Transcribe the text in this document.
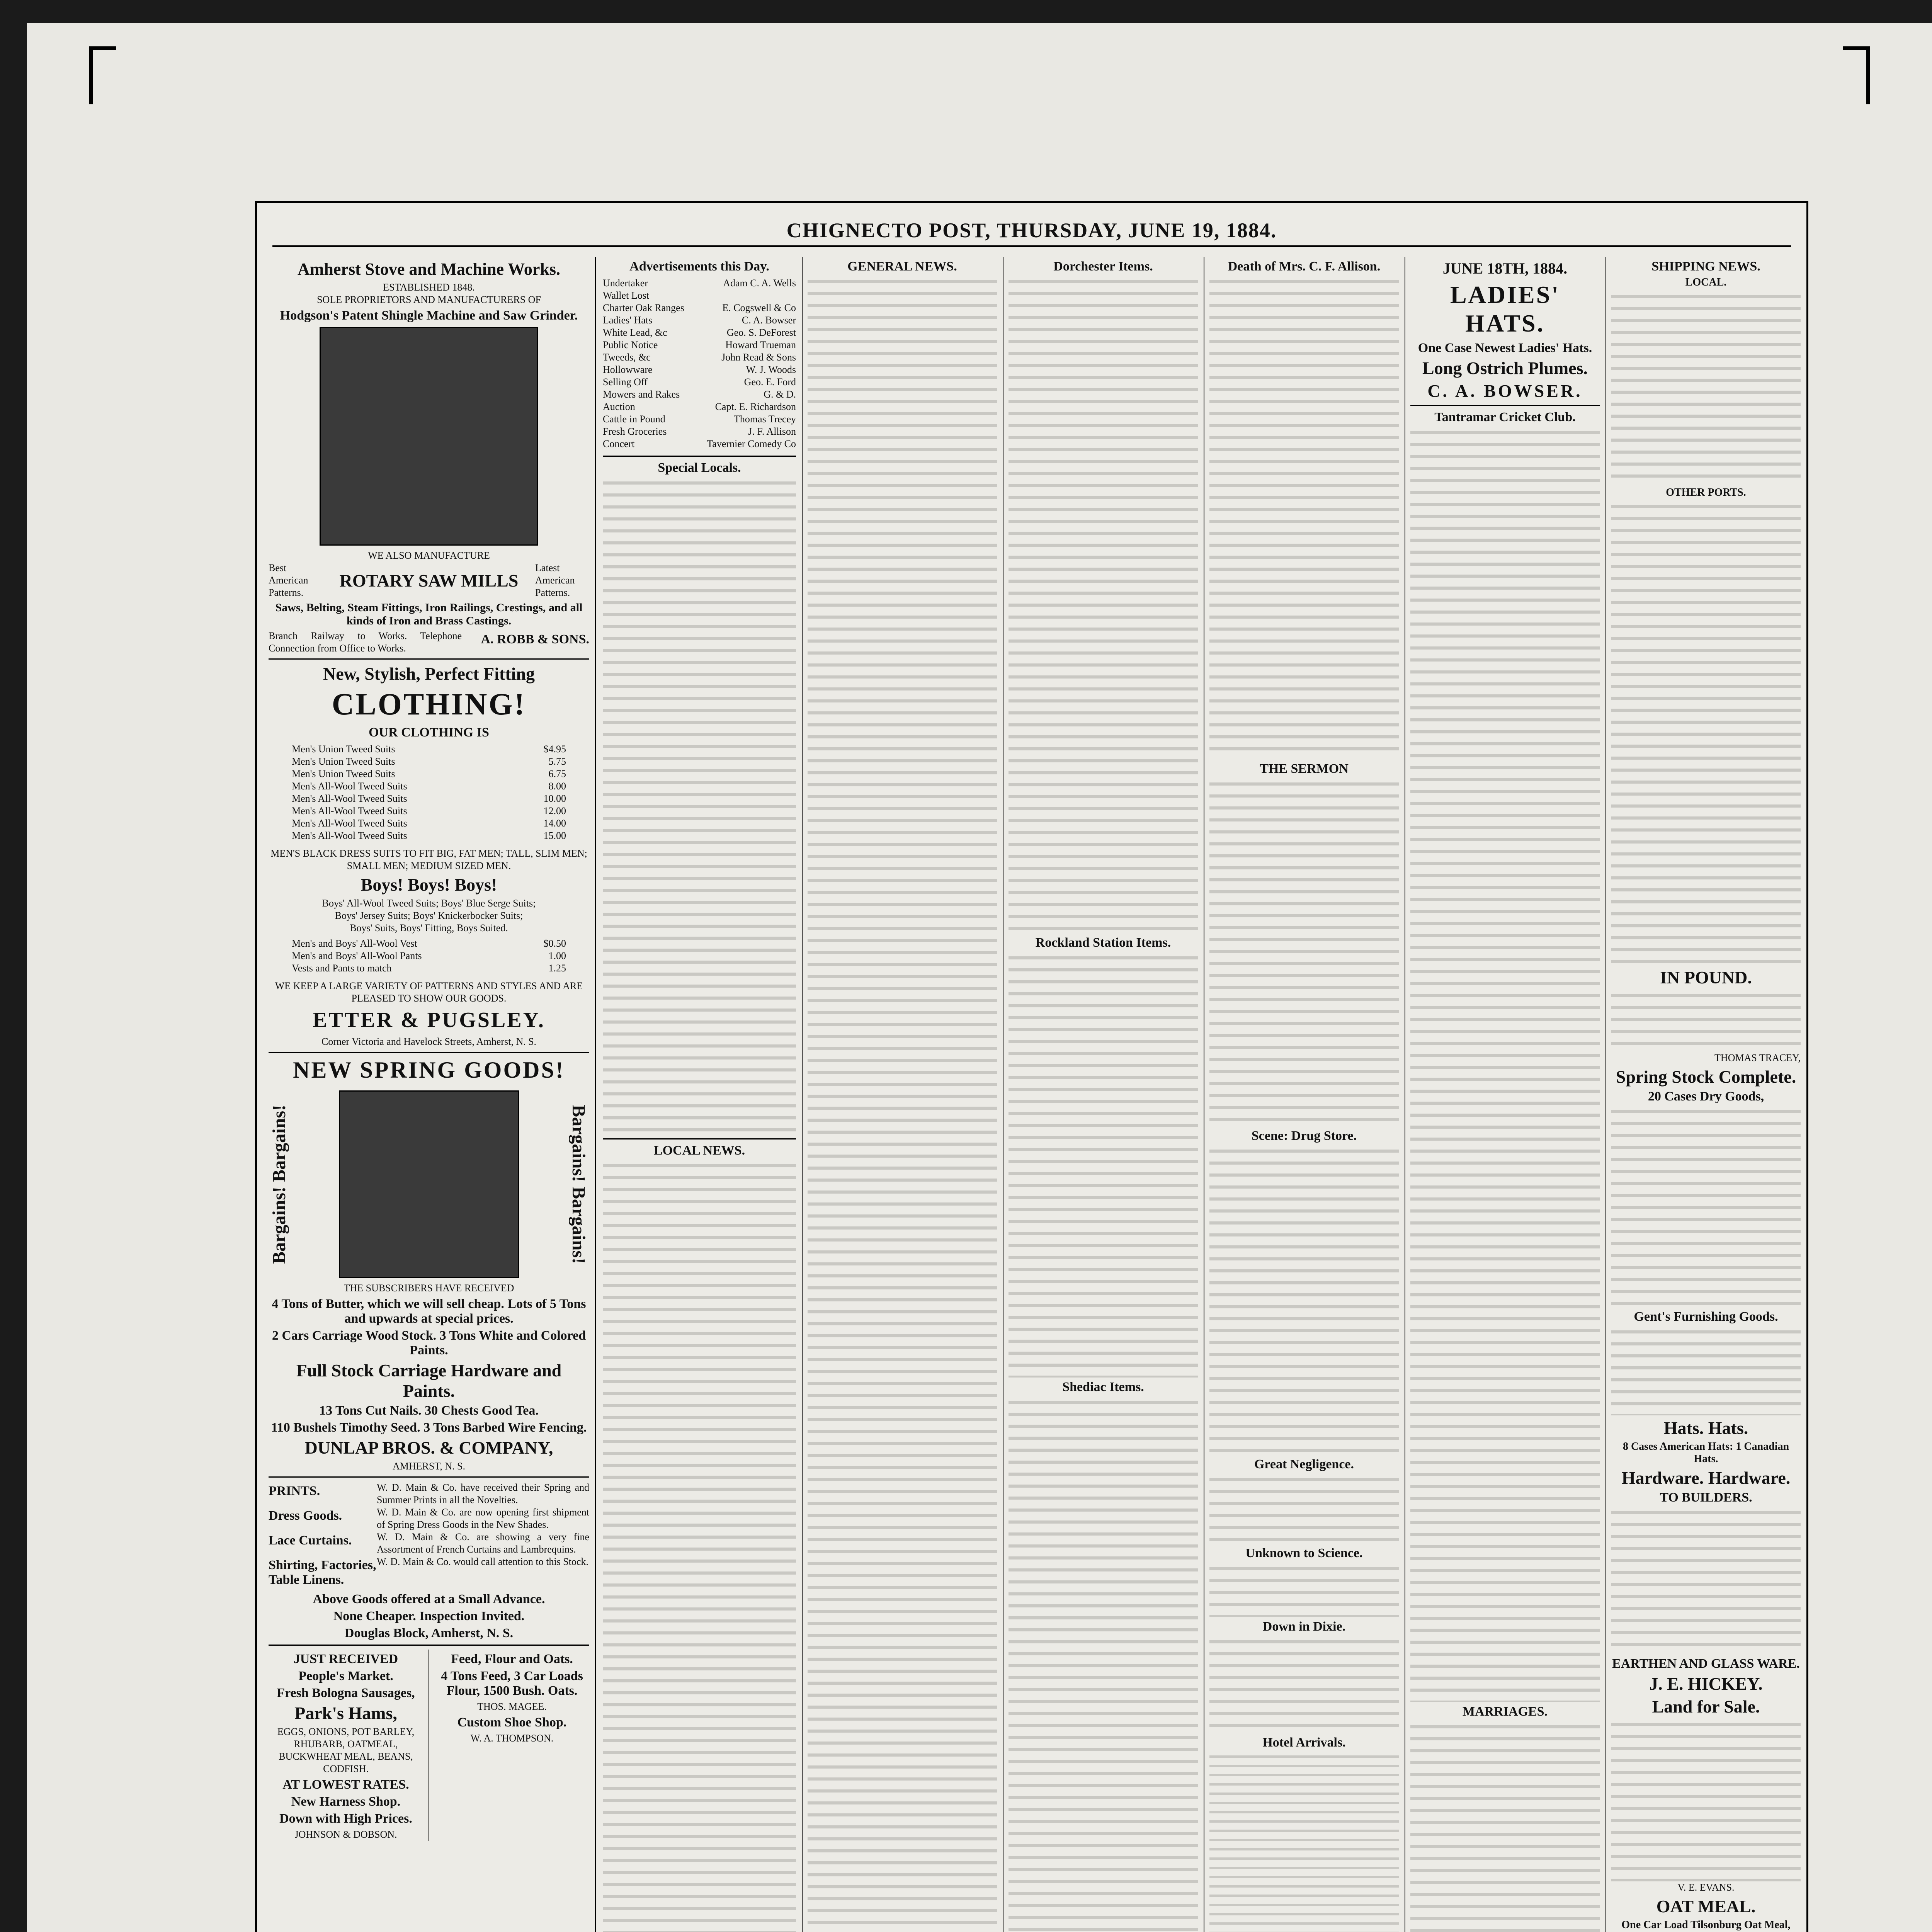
CHIGNECTO POST, THURSDAY, JUNE 19, 1884.
Amherst Stove and Machine Works.
ESTABLISHED 1848.
SOLE PROPRIETORS AND MANUFACTURERS OF
Hodgson's Patent Shingle Machine and Saw Grinder.
WE ALSO MANUFACTURE
Best American Patterns.
ROTARY SAW MILLS
Latest American Patterns.
Saws, Belting, Steam Fittings, Iron Railings, Crestings, and all kinds of Iron and Brass Castings.
Branch Railway to Works. Telephone Connection from Office to Works.
A. ROBB & SONS.
New, Stylish, Perfect Fitting
CLOTHING!
OUR CLOTHING IS
Men's Union Tweed Suits	$4.95
Men's Union Tweed Suits	5.75
Men's Union Tweed Suits	6.75
Men's All-Wool Tweed Suits	8.00
Men's All-Wool Tweed Suits	10.00
Men's All-Wool Tweed Suits	12.00
Men's All-Wool Tweed Suits	14.00
Men's All-Wool Tweed Suits	15.00
MEN'S BLACK DRESS SUITS TO FIT BIG, FAT MEN; TALL, SLIM MEN; SMALL MEN; MEDIUM SIZED MEN.
Boys! Boys! Boys!
Boys' All-Wool Tweed Suits; Boys' Blue Serge Suits;
Boys' Jersey Suits; Boys' Knickerbocker Suits;
Boys' Suits, Boys' Fitting, Boys Suited.
Men's and Boys' All-Wool Vest	$0.50
Men's and Boys' All-Wool Pants	1.00
Vests and Pants to match	1.25
WE KEEP A LARGE VARIETY OF PATTERNS AND STYLES AND ARE PLEASED TO SHOW OUR GOODS.
ETTER & PUGSLEY.
Corner Victoria and Havelock Streets, Amherst, N. S.
NEW SPRING GOODS!
Bargains! Bargains!	Bargains! Bargains!
THE SUBSCRIBERS HAVE RECEIVED
4 Tons of Butter, which we will sell cheap. Lots of 5 Tons and upwards at special prices.
2 Cars Carriage Wood Stock. 3 Tons White and Colored Paints.
Full Stock Carriage Hardware and Paints.
13 Tons Cut Nails. 30 Chests Good Tea.
110 Bushels Timothy Seed. 3 Tons Barbed Wire Fencing.
DUNLAP BROS. & COMPANY,
AMHERST, N. S.
PRINTS.	W. D. Main & Co. have received their Spring and Summer Prints in all the Novelties.
Dress Goods.	W. D. Main & Co. are now opening first shipment of Spring Dress Goods in the New Shades.
Lace Curtains.	W. D. Main & Co. are showing a very fine Assortment of French Curtains and Lambrequins.
Shirting, Factories, Table Linens.
W. D. Main & Co. would call attention to this Stock.
Above Goods offered at a Small Advance.
None Cheaper. Inspection Invited.
Douglas Block, Amherst, N. S.
JUST RECEIVED
People's Market.
Fresh Bologna Sausages,
Park's Hams,
EGGS, ONIONS, POT BARLEY, RHUBARB, OATMEAL, BUCKWHEAT MEAL, BEANS, CODFISH.
AT LOWEST RATES.
New Harness Shop.
Down with High Prices.
JOHNSON & DOBSON.
Feed, Flour and Oats.
4 Tons Feed, 3 Car Loads Flour, 1500 Bush. Oats.
THOS. MAGEE.
Custom Shoe Shop.
W. A. THOMPSON.
Advertisements this Day.
Undertaker	Adam C. A. Wells
Wallet Lost
Charter Oak Ranges	E. Cogswell & Co
Ladies' Hats	C. A. Bowser
White Lead, &c	Geo. S. DeForest
Public Notice	Howard Trueman
Tweeds, &c	John Read & Sons
Hollowware	W. J. Woods
Selling Off	Geo. E. Ford
Mowers and Rakes	G. & D.
Auction	Capt. E. Richardson
Cattle in Pound	Thomas Trecey
Fresh Groceries	J. F. Allison
Concert	Tavernier Comedy Co
Special Locals.
LOCAL NEWS.
GENERAL NEWS.	Dorchester Items.
Rockland Station Items.
Shediac Items.
Death of Mrs. C. F. Allison.
THE SERMON
Scene: Drug Store.
Great Negligence.
Unknown to Science.
Down in Dixie.
Hotel Arrivals.
JUNE 18TH, 1884.
LADIES' HATS.
One Case Newest Ladies' Hats.
Long Ostrich Plumes.
C. A. BOWSER.
Tantramar Cricket Club.
MARRIAGES.
SHIPPING NEWS.
LOCAL.
OTHER PORTS.
IN POUND.
THOMAS TRACEY,
Spring Stock Complete.
20 Cases Dry Goods,
Gent's Furnishing Goods.
Hats. Hats.
8 Cases American Hats: 1 Canadian Hats.
Hardware. Hardware.
TO BUILDERS.
EARTHEN AND GLASS WARE.
J. E. HICKEY.
Land for Sale.
V. E. EVANS.
OAT MEAL.
One Car Load Tilsonburg Oat Meal,
